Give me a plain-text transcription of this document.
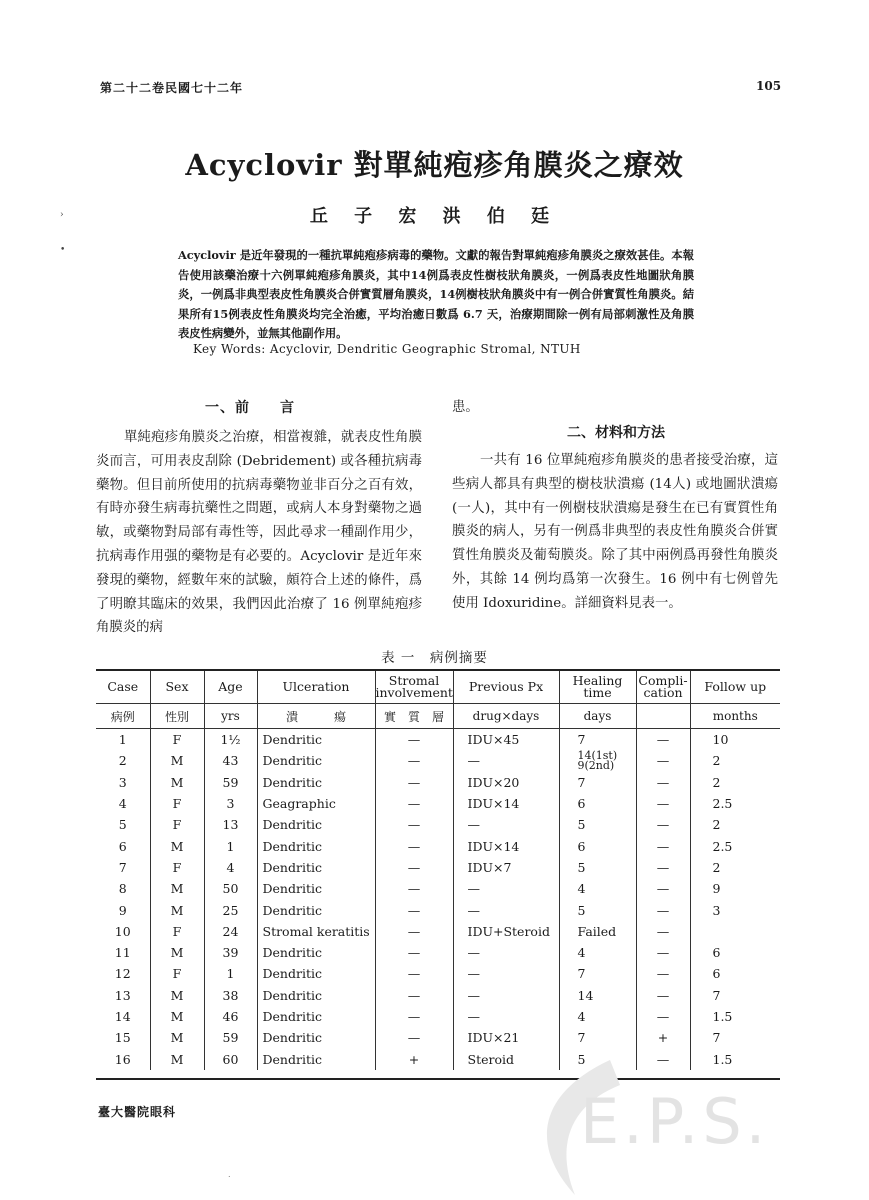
第二十二卷民國七十二年	105
Acyclovir 對單純疱疹角膜炎之療效
丘 子 宏 洪 伯 廷
›
•	Acyclovir 是近年發現的一種抗單純疱疹病毒的藥物。文獻的報告對單純疱疹角膜炎之療效甚佳。本報告使用該藥治療十六例單純疱疹角膜炎，其中14例爲表皮性樹枝狀角膜炎，一例爲表皮性地圖狀角膜炎，一例爲非典型表皮性角膜炎合併實質層角膜炎，14例樹枝狀角膜炎中有一例合併實質性角膜炎。結果所有15例表皮性角膜炎均完全治癒，平均治癒日數爲 6.7 天，治療期間除一例有局部刺激性及角膜表皮性病變外，並無其他副作用。
Key Words: Acyclovir, Dendritic Geographic Stromal, NTUH
一、前　　言
單純疱疹角膜炎之治療，相當複雜，就表皮性角膜炎而言，可用表皮刮除 (Debridement) 或各種抗病毒藥物。但目前所使用的抗病毒藥物並非百分之百有效，有時亦發生病毒抗藥性之問題，或病人本身對藥物之過敏，或藥物對局部有毒性等，因此尋求一種副作用少，抗病毒作用强的藥物是有必要的。Acyclovir 是近年來發現的藥物，經數年來的試驗，頗符合上述的條件，爲了明瞭其臨床的效果，我們因此治療了 16 例單純疱疹角膜炎的病
患。
二、材料和方法
一共有 16 位單純疱疹角膜炎的患者接受治療，這些病人都具有典型的樹枝狀潰瘍 (14人) 或地圖狀潰瘍 (一人)，其中有一例樹枝狀潰瘍是發生在已有實質性角膜炎的病人，另有一例爲非典型的表皮性角膜炎合併實質性角膜炎及葡萄膜炎。除了其中兩例爲再發性角膜炎外，其餘 14 例均爲第一次發生。16 例中有七例曾先使用 Idoxuridine。詳細資料見表一。
表 一　病例摘要
Case	Sex	Age	Ulceration	Stromal involvement	Previous Px	Healing time	Compli-cation	Follow up
病例	性別	yrs	潰　　　瘍	實　質　層	drug×days	days		months
1	F	1½	Dendritic	—	IDU×45	7	—	10
2	M	43	Dendritic	—	—	14(1st) 9(2nd)	—	2
3	M	59	Dendritic	—	IDU×20	7	—	2
4	F	3	Geagraphic	—	IDU×14	6	—	2.5
5	F	13	Dendritic	—	—	5	—	2
6	M	1	Dendritic	—	IDU×14	6	—	2.5
7	F	4	Dendritic	—	IDU×7	5	—	2
8	M	50	Dendritic	—	—	4	—	9
9	M	25	Dendritic	—	—	5	—	3
10	F	24	Stromal keratitis	—	IDU+Steroid	Failed	—	
11	M	39	Dendritic	—	—	4	—	6
12	F	1	Dendritic	—	—	7	—	6
13	M	38	Dendritic	—	—	14	—	7
14	M	46	Dendritic	—	—	4	—	1.5
15	M	59	Dendritic	—	IDU×21	7	+	7
16	M	60	Dendritic	+	Steroid	5	—	1.5
臺大醫院眼科	E.P.S.
.
